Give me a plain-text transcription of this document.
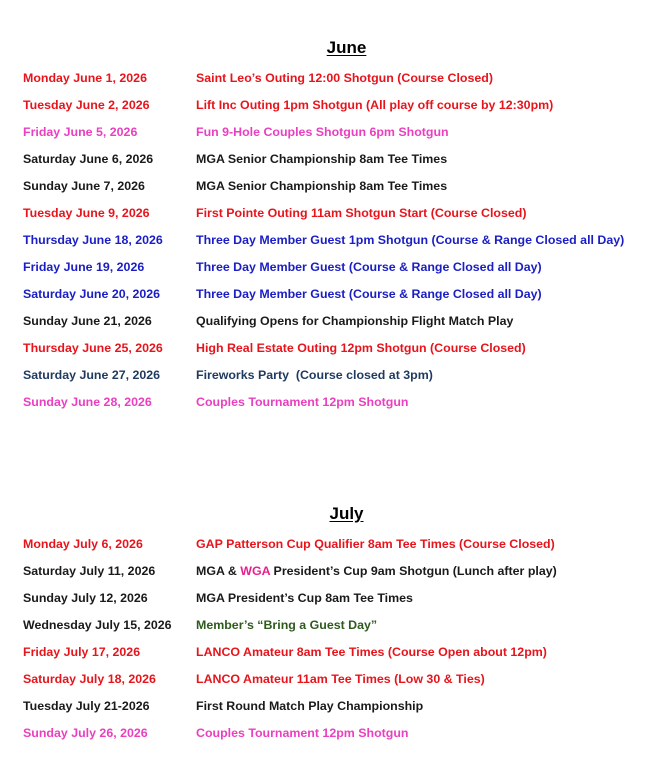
June
Monday June 1, 2026	Saint Leo’s Outing 12:00 Shotgun (Course Closed)
Tuesday June 2, 2026	Lift Inc Outing 1pm Shotgun (All play off course by 12:30pm)
Friday June 5, 2026	Fun 9-Hole Couples Shotgun 6pm Shotgun
Saturday June 6, 2026	MGA Senior Championship 8am Tee Times
Sunday June 7, 2026	MGA Senior Championship 8am Tee Times
Tuesday June 9, 2026	First Pointe Outing 11am Shotgun Start (Course Closed)
Thursday June 18, 2026	Three Day Member Guest 1pm Shotgun (Course & Range Closed all Day)
Friday June 19, 2026	Three Day Member Guest (Course & Range Closed all Day)
Saturday June 20, 2026	Three Day Member Guest (Course & Range Closed all Day)
Sunday June 21, 2026	Qualifying Opens for Championship Flight Match Play
Thursday June 25, 2026	High Real Estate Outing 12pm Shotgun (Course Closed)
Saturday June 27, 2026	Fireworks Party  (Course closed at 3pm)
Sunday June 28, 2026	Couples Tournament 12pm Shotgun
July
Monday July 6, 2026	GAP Patterson Cup Qualifier 8am Tee Times (Course Closed)
Saturday July 11, 2026	MGA & WGA President’s Cup 9am Shotgun (Lunch after play)
Sunday July 12, 2026	MGA President’s Cup 8am Tee Times
Wednesday July 15, 2026 Member’s “Bring a Guest Day”
Friday July 17, 2026	LANCO Amateur 8am Tee Times (Course Open about 12pm)
Saturday July 18, 2026	LANCO Amateur 11am Tee Times (Low 30 & Ties)
Tuesday July 21-2026	First Round Match Play Championship
Sunday July 26, 2026	Couples Tournament 12pm Shotgun
